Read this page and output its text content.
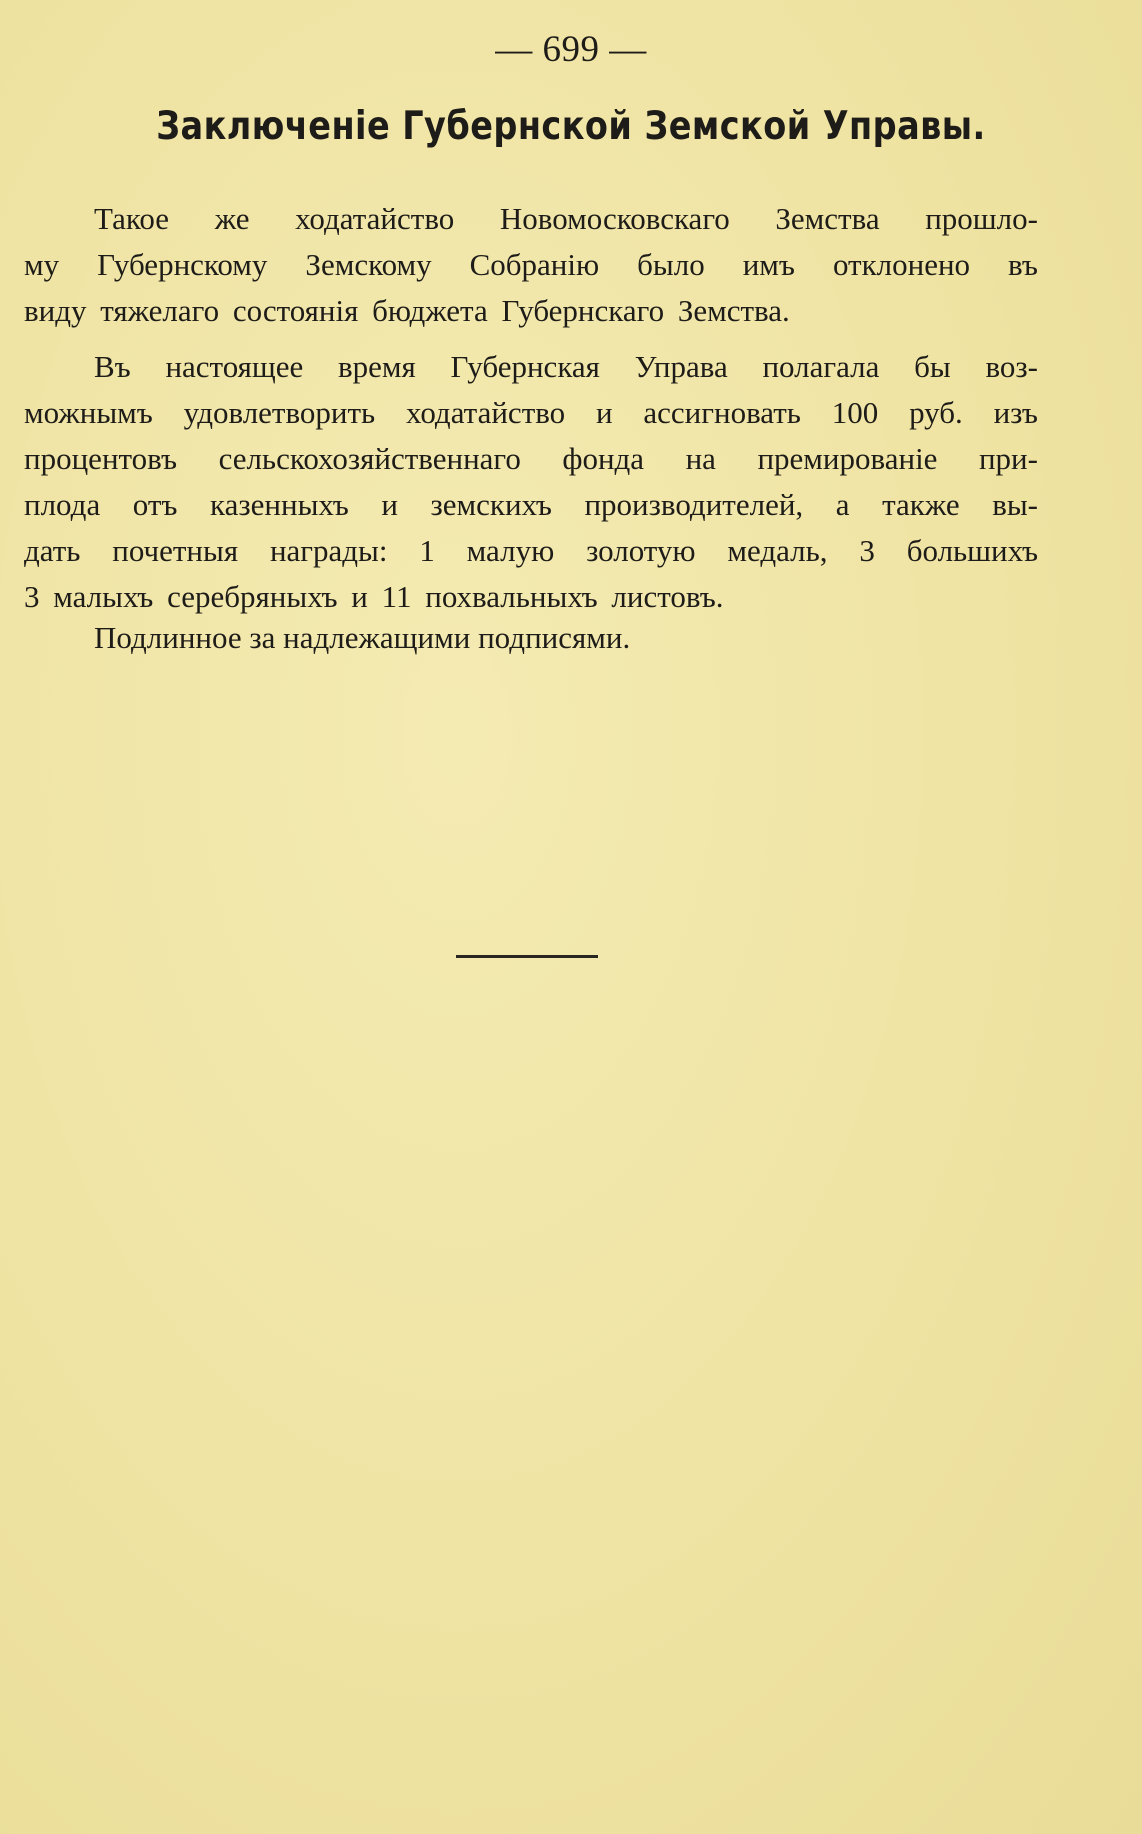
— 699 —
Заключеніе Губернской Земской Управы.
Такое же ходатайство Новомосковскаго Земства прошло-
му Губернскому Земскому Собранію было имъ отклонено въ
виду тяжелаго состоянія бюджета Губернскаго Земства.
Въ настоящее время Губернская Управа полагала бы воз-
можнымъ удовлетворить ходатайство и ассигновать 100 руб. изъ
процентовъ сельскохозяйственнаго фонда на премированіе при-
плода отъ казенныхъ и земскихъ производителей, а также вы-
дать почетныя награды: 1 малую золотую медаль, 3 большихъ
3 малыхъ серебряныхъ и 11 похвальныхъ листовъ.
Подлинное за надлежащими подписями.
